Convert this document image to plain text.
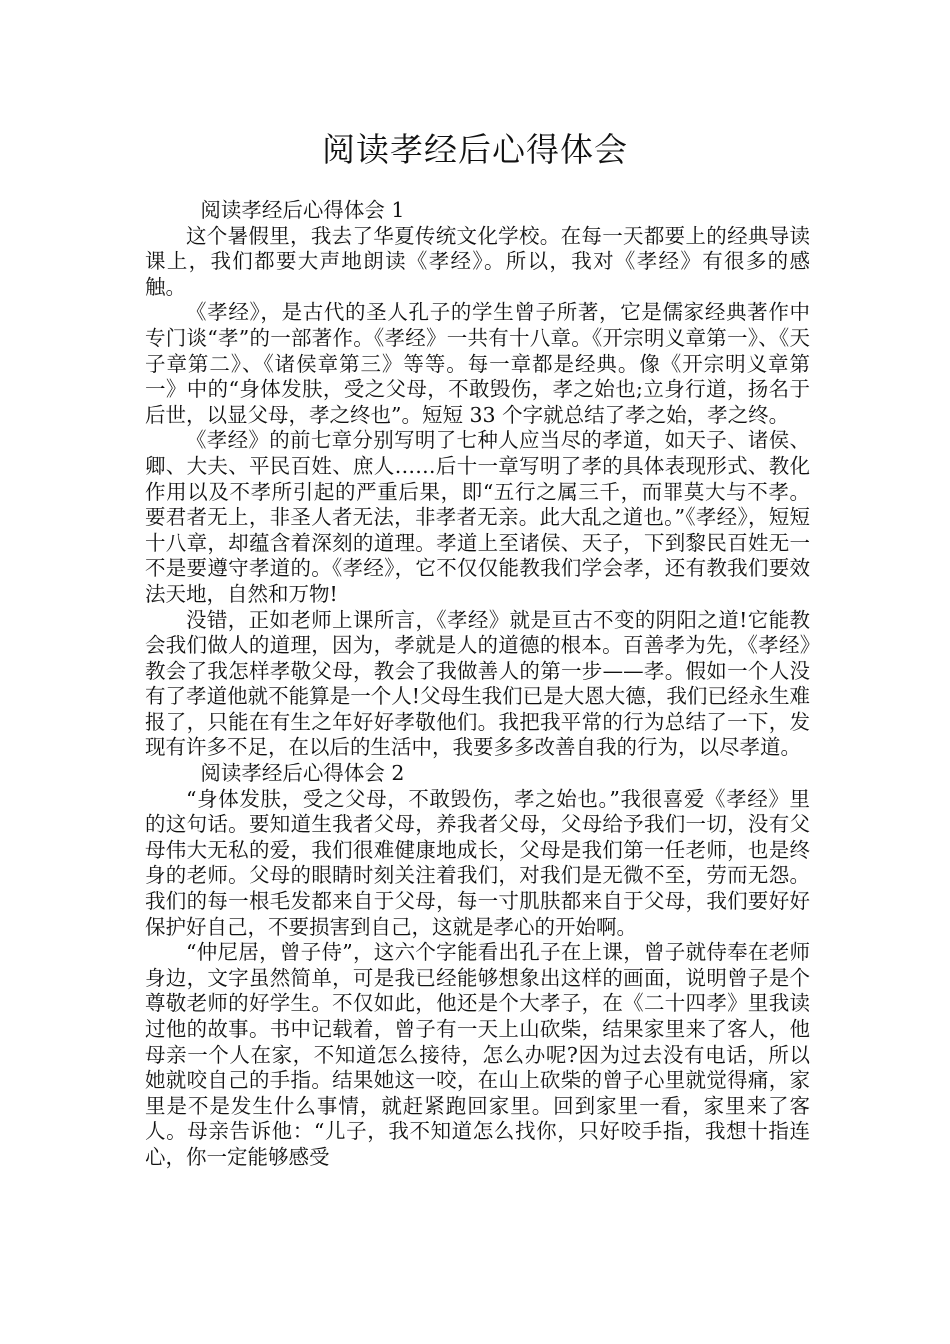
阅读孝经后心得体会

阅读孝经后心得体会 1

这个暑假里，我去了华夏传统文化学校。在每一天都要上的经典导读课上，我们都要大声地朗读《孝经》。所以，我对《孝经》有很多的感触。

《孝经》，是古代的圣人孔子的学生曾子所著，它是儒家经典著作中专门谈“孝”的一部著作。《孝经》一共有十八章。《开宗明义章第一》、《天子章第二》、《诸侯章第三》等等。每一章都是经典。像《开宗明义章第一》中的“身体发肤，受之父母，不敢毁伤，孝之始也;立身行道，扬名于后世，以显父母，孝之终也”。短短 33 个字就总结了孝之始，孝之终。

《孝经》的前七章分别写明了七种人应当尽的孝道，如天子、诸侯、卿、大夫、平民百姓、庶人……后十一章写明了孝的具体表现形式、教化作用以及不孝所引起的严重后果，即“五行之属三千，而罪莫大与不孝。要君者无上，非圣人者无法，非孝者无亲。此大乱之道也。”《孝经》，短短十八章，却蕴含着深刻的道理。孝道上至诸侯、天子，下到黎民百姓无一不是要遵守孝道的。《孝经》，它不仅仅能教我们学会孝，还有教我们要效法天地，自然和万物!

没错，正如老师上课所言，《孝经》就是亘古不变的阴阳之道!它能教会我们做人的道理，因为，孝就是人的道德的根本。百善孝为先，《孝经》教会了我怎样孝敬父母，教会了我做善人的第一步——孝。假如一个人没有了孝道他就不能算是一个人!父母生我们已是大恩大德，我们已经永生难报了，只能在有生之年好好孝敬他们。我把我平常的行为总结了一下，发现有许多不足，在以后的生活中，我要多多改善自我的行为，以尽孝道。

阅读孝经后心得体会 2

“身体发肤，受之父母，不敢毁伤，孝之始也。”我很喜爱《孝经》里的这句话。要知道生我者父母，养我者父母，父母给予我们一切，没有父母伟大无私的爱，我们很难健康地成长，父母是我们第一任老师，也是终身的老师。父母的眼睛时刻关注着我们，对我们是无微不至，劳而无怨。我们的每一根毛发都来自于父母，每一寸肌肤都来自于父母，我们要好好保护好自己，不要损害到自己，这就是孝心的开始啊。

“仲尼居，曾子侍”，这六个字能看出孔子在上课，曾子就侍奉在老师身边，文字虽然简单，可是我已经能够想象出这样的画面，说明曾子是个尊敬老师的好学生。不仅如此，他还是个大孝子，在《二十四孝》里我读过他的故事。书中记载着，曾子有一天上山砍柴，结果家里来了客人，他母亲一个人在家，不知道怎么接待，怎么办呢?因为过去没有电话，所以她就咬自己的手指。结果她这一咬，在山上砍柴的曾子心里就觉得痛，家里是不是发生什么事情，就赶紧跑回家里。回到家里一看，家里来了客人。母亲告诉他：“儿子，我不知道怎么找你，只好咬手指，我想十指连心，你一定能够感受
